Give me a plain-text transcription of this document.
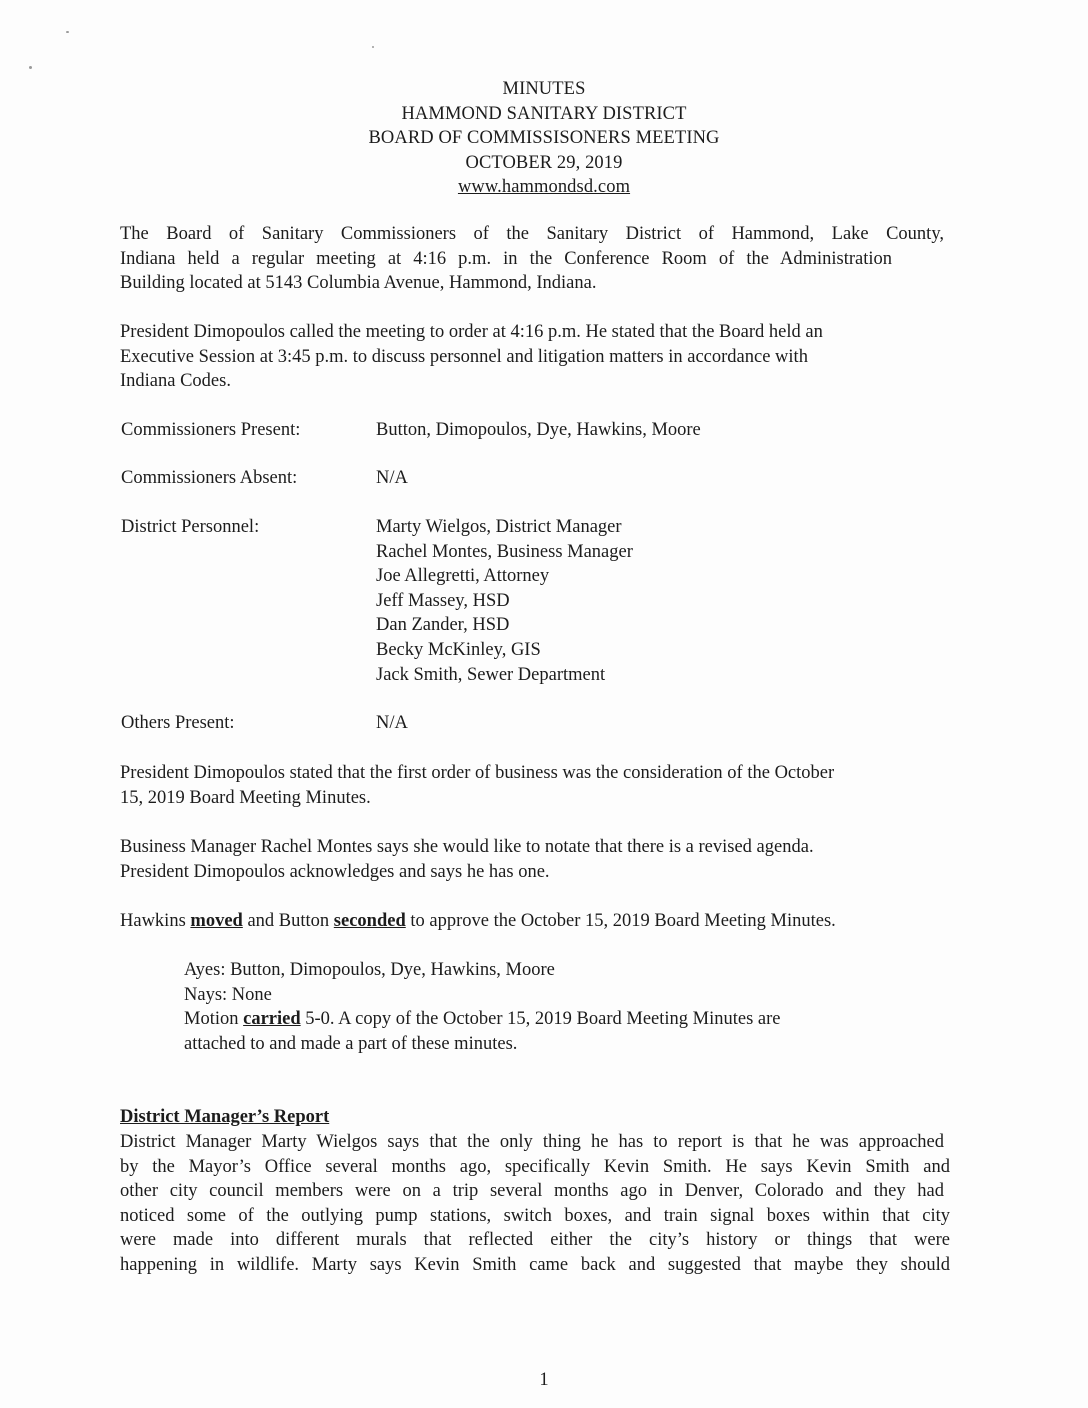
MINUTES
HAMMOND SANITARY DISTRICT
BOARD OF COMMISSISONERS MEETING
OCTOBER 29, 2019
www.hammondsd.com
The Board of Sanitary Commissioners of the Sanitary District of Hammond, Lake County,
Indiana held a regular meeting at 4:16 p.m. in the Conference Room of the Administration
Building located at 5143 Columbia Avenue, Hammond, Indiana.
President Dimopoulos called the meeting to order at 4:16 p.m. He stated that the Board held an
Executive Session at 3:45 p.m. to discuss personnel and litigation matters in accordance with
Indiana Codes.
Commissioners Present:	Button, Dimopoulos, Dye, Hawkins, Moore
Commissioners Absent:	N/A
District Personnel:	Marty Wielgos, District Manager
Rachel Montes, Business Manager
Joe Allegretti, Attorney
Jeff Massey, HSD
Dan Zander, HSD
Becky McKinley, GIS
Jack Smith, Sewer Department
Others Present:	N/A
President Dimopoulos stated that the first order of business was the consideration of the October
15, 2019 Board Meeting Minutes.
Business Manager Rachel Montes says she would like to notate that there is a revised agenda.
President Dimopoulos acknowledges and says he has one.
Hawkins moved and Button seconded to approve the October 15, 2019 Board Meeting Minutes.
Ayes: Button, Dimopoulos, Dye, Hawkins, Moore
Nays: None
Motion carried 5-0. A copy of the October 15, 2019 Board Meeting Minutes are
attached to and made a part of these minutes.
District Manager’s Report
District Manager Marty Wielgos says that the only thing he has to report is that he was approached
by the Mayor’s Office several months ago, specifically Kevin Smith. He says Kevin Smith and
other city council members were on a trip several months ago in Denver, Colorado and they had
noticed some of the outlying pump stations, switch boxes, and train signal boxes within that city
were made into different murals that reflected either the city’s history or things that were
happening in wildlife. Marty says Kevin Smith came back and suggested that maybe they should
1
